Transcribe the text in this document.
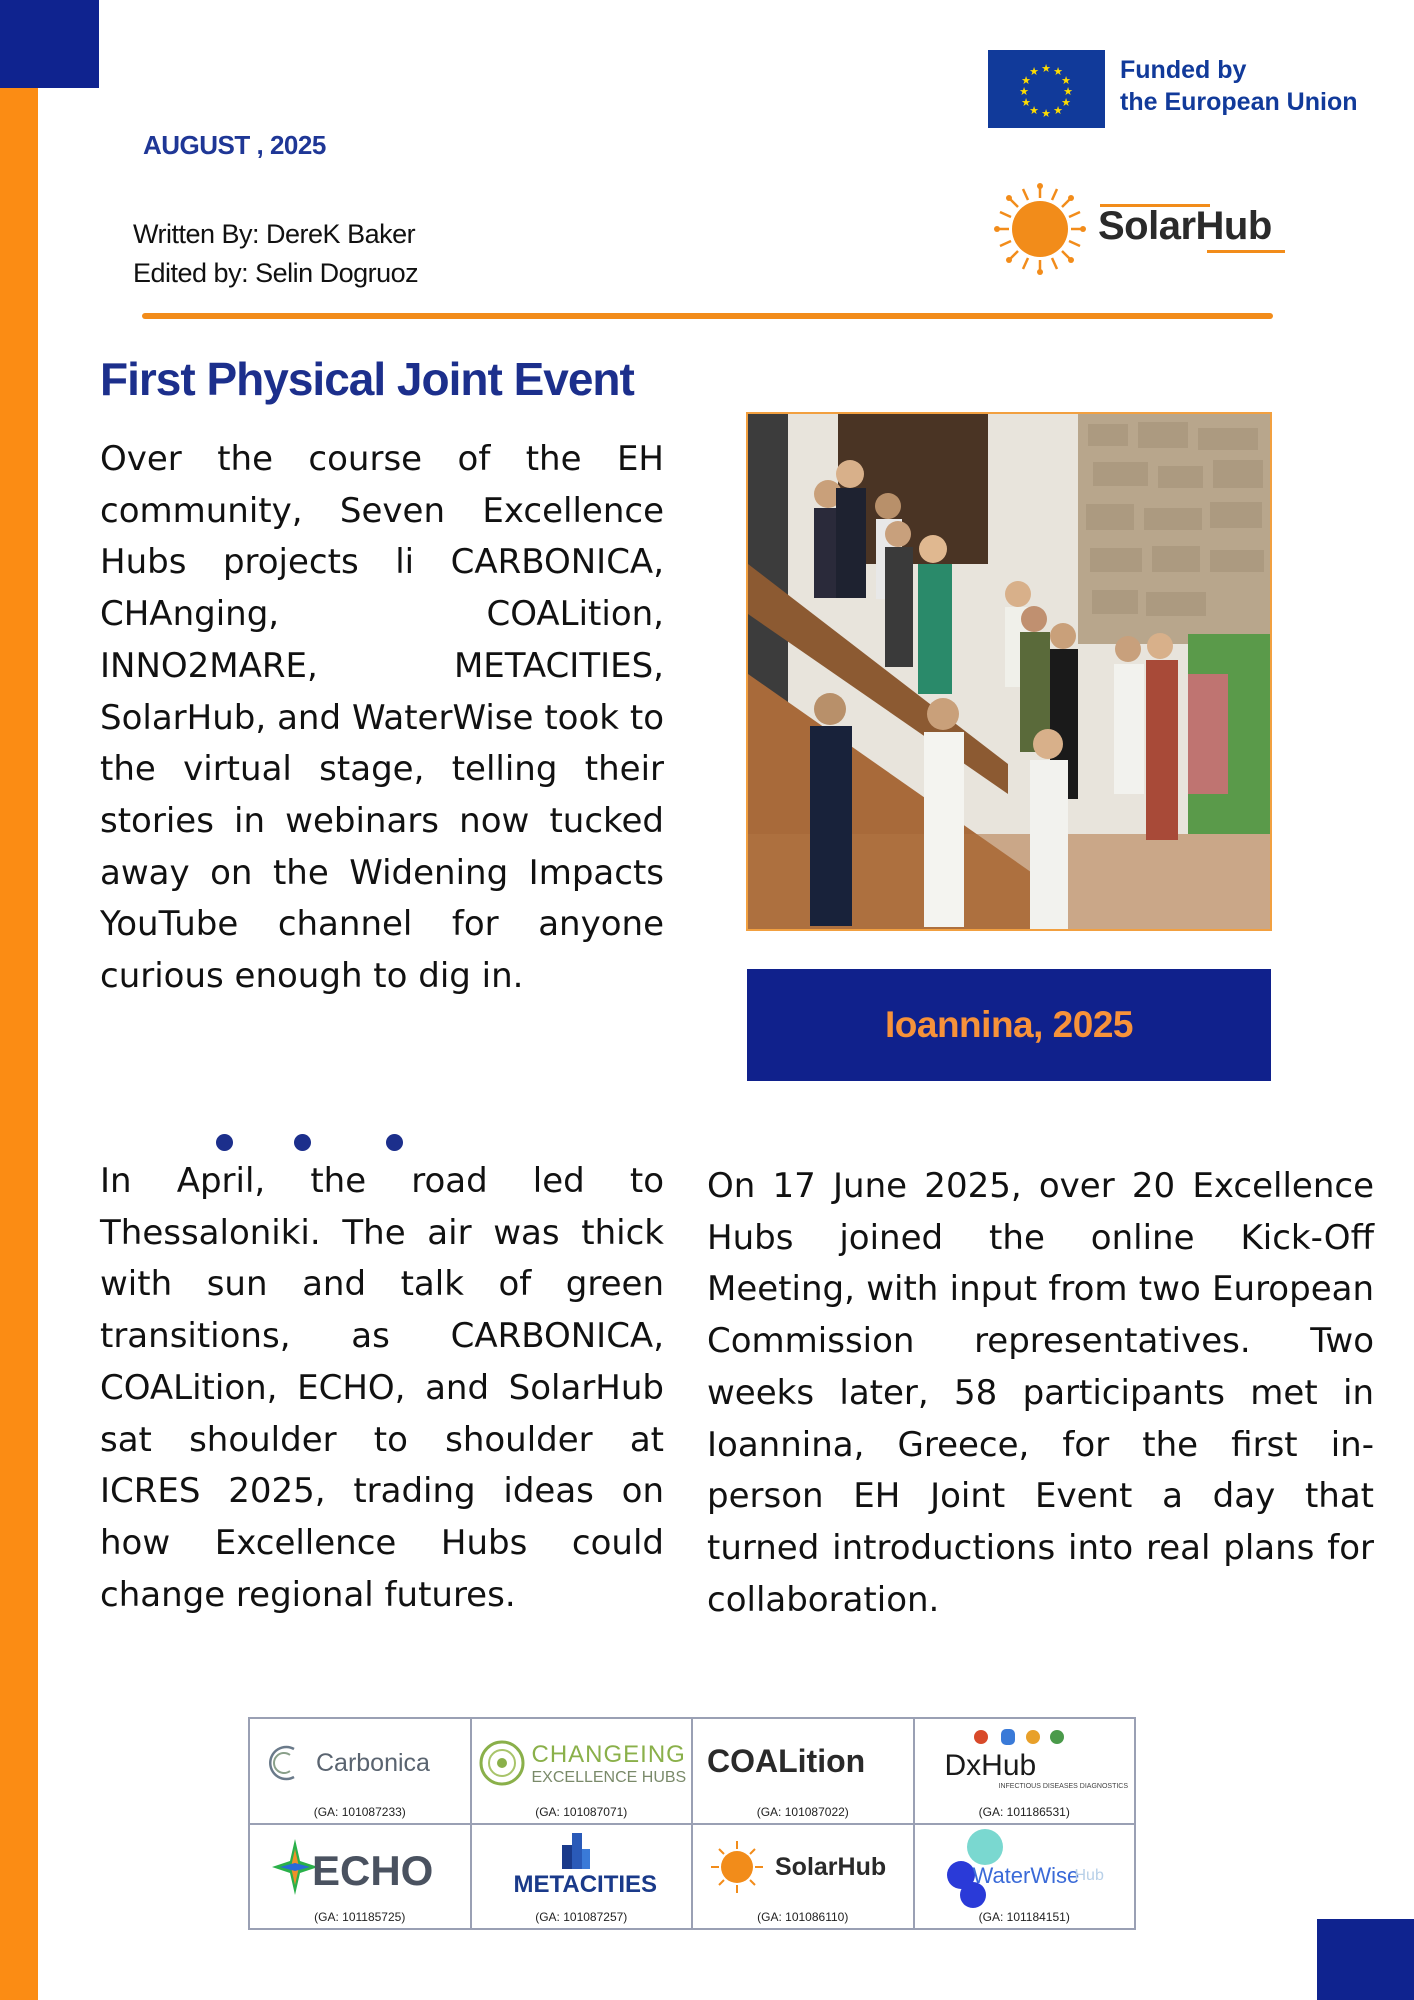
★ ★
★
★
★
★
★
★
★
★
★
★	Funded by
the European Union
SolarHub
AUGUST , 2025
Written By: DereK Baker
Edited by: Selin Dogruoz
First Physical Joint Event

Over the course of the EH community, Seven Excellence Hubs projects li CARBONICA, CHAnging, COALition, INNO2MARE, METACITIES, SolarHub, and WaterWise took to the virtual stage, telling their stories in webinars now tucked away on the Widening Impacts YouTube channel for anyone curious enough to dig in.

In April, the road led to Thessaloniki. The air was thick with sun and talk of green transitions, as CARBONICA, COALition, ECHO, and SolarHub sat shoulder to shoulder at ICRES 2025, trading ideas on how Excellence Hubs could change regional futures.

On 17 June 2025, over 20 Excellence Hubs joined the online Kick-Off Meeting, with input from two European Commission representatives. Two weeks later, 58 participants met in Ioannina, Greece, for the first in-person EH Joint Event a day that turned introductions into real plans for collaboration.

Ioannina, 2025
Carbonica
(GA: 101087233)
CHANGEING
EXCELLENCE HUBS
(GA: 101087071)
COALition
(GA: 101087022)
DxHub
INFECTIOUS DISEASES DIAGNOSTICS
(GA: 101186531)
ECHO
(GA: 101185725)
METACITIES
(GA: 101087257)
SolarHub
(GA: 101086110)
WaterWise
Hub
(GA: 101184151)
